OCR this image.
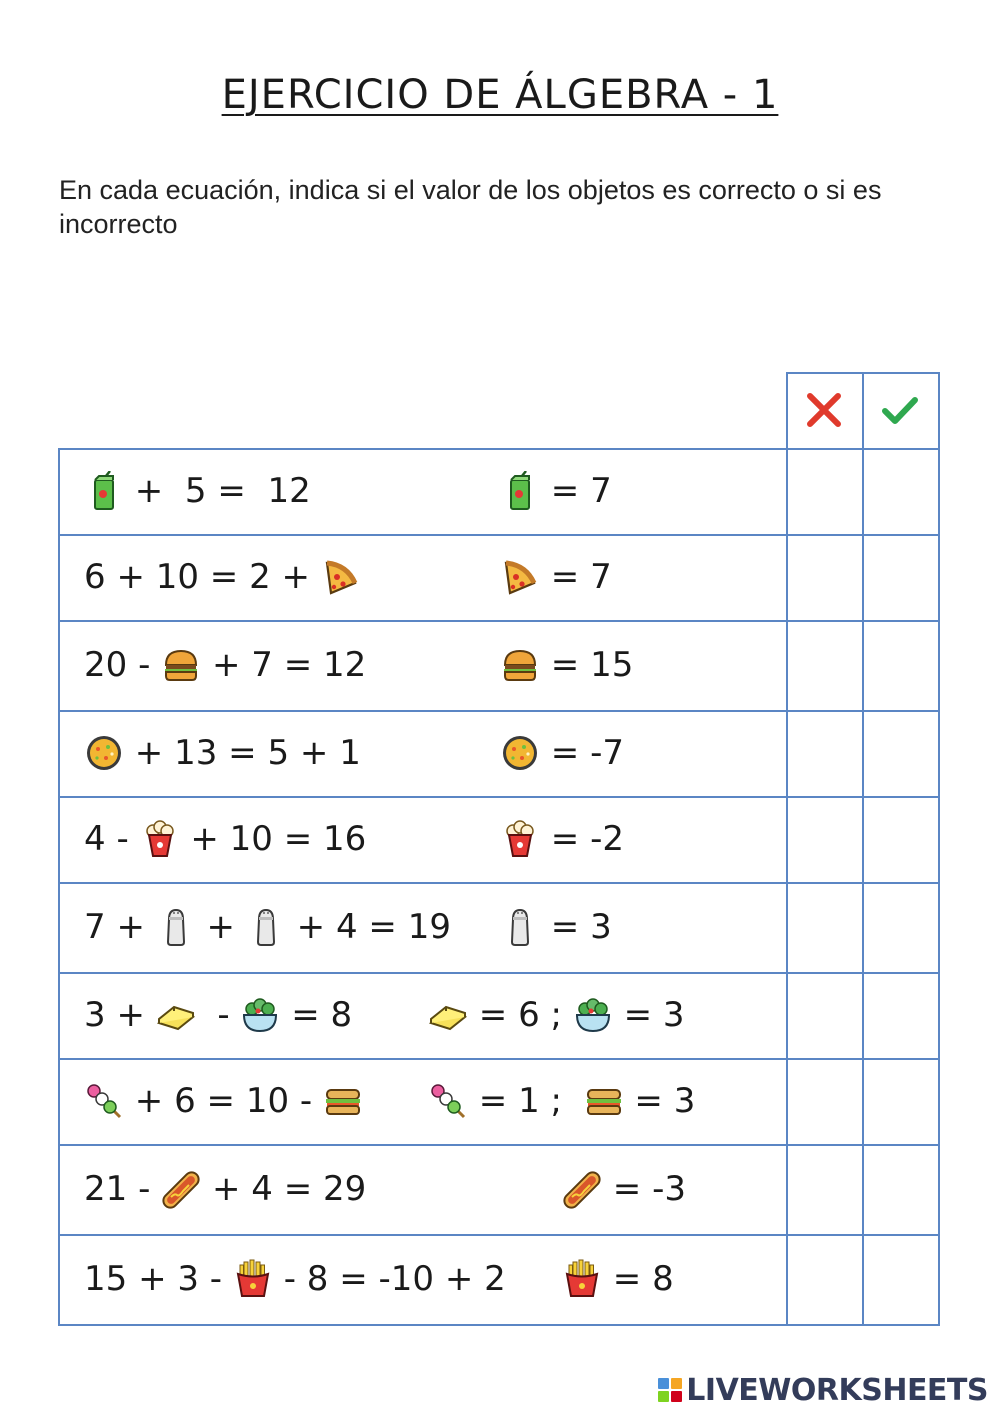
EJERCICIO DE ÁLGEBRA - 1
En cada ecuación, indica si el valor de los objetos es correcto o si es incorrecto
+ 5 = 12	= 7
6 + 10 = 2 +	= 7
20 - + 7 = 12	= 15
+ 13 = 5 + 1	= -7
4 - + 10 = 16	= -2
7 + + + 4 = 19	= 3
3 + - = 8	= 6 ; = 3
+ 6 = 10 -	= 1 ; = 3
21 - + 4 = 29	= -3
15 + 3 - - 8 = -10 + 2	= 8
LIVEWORKSHEETS
